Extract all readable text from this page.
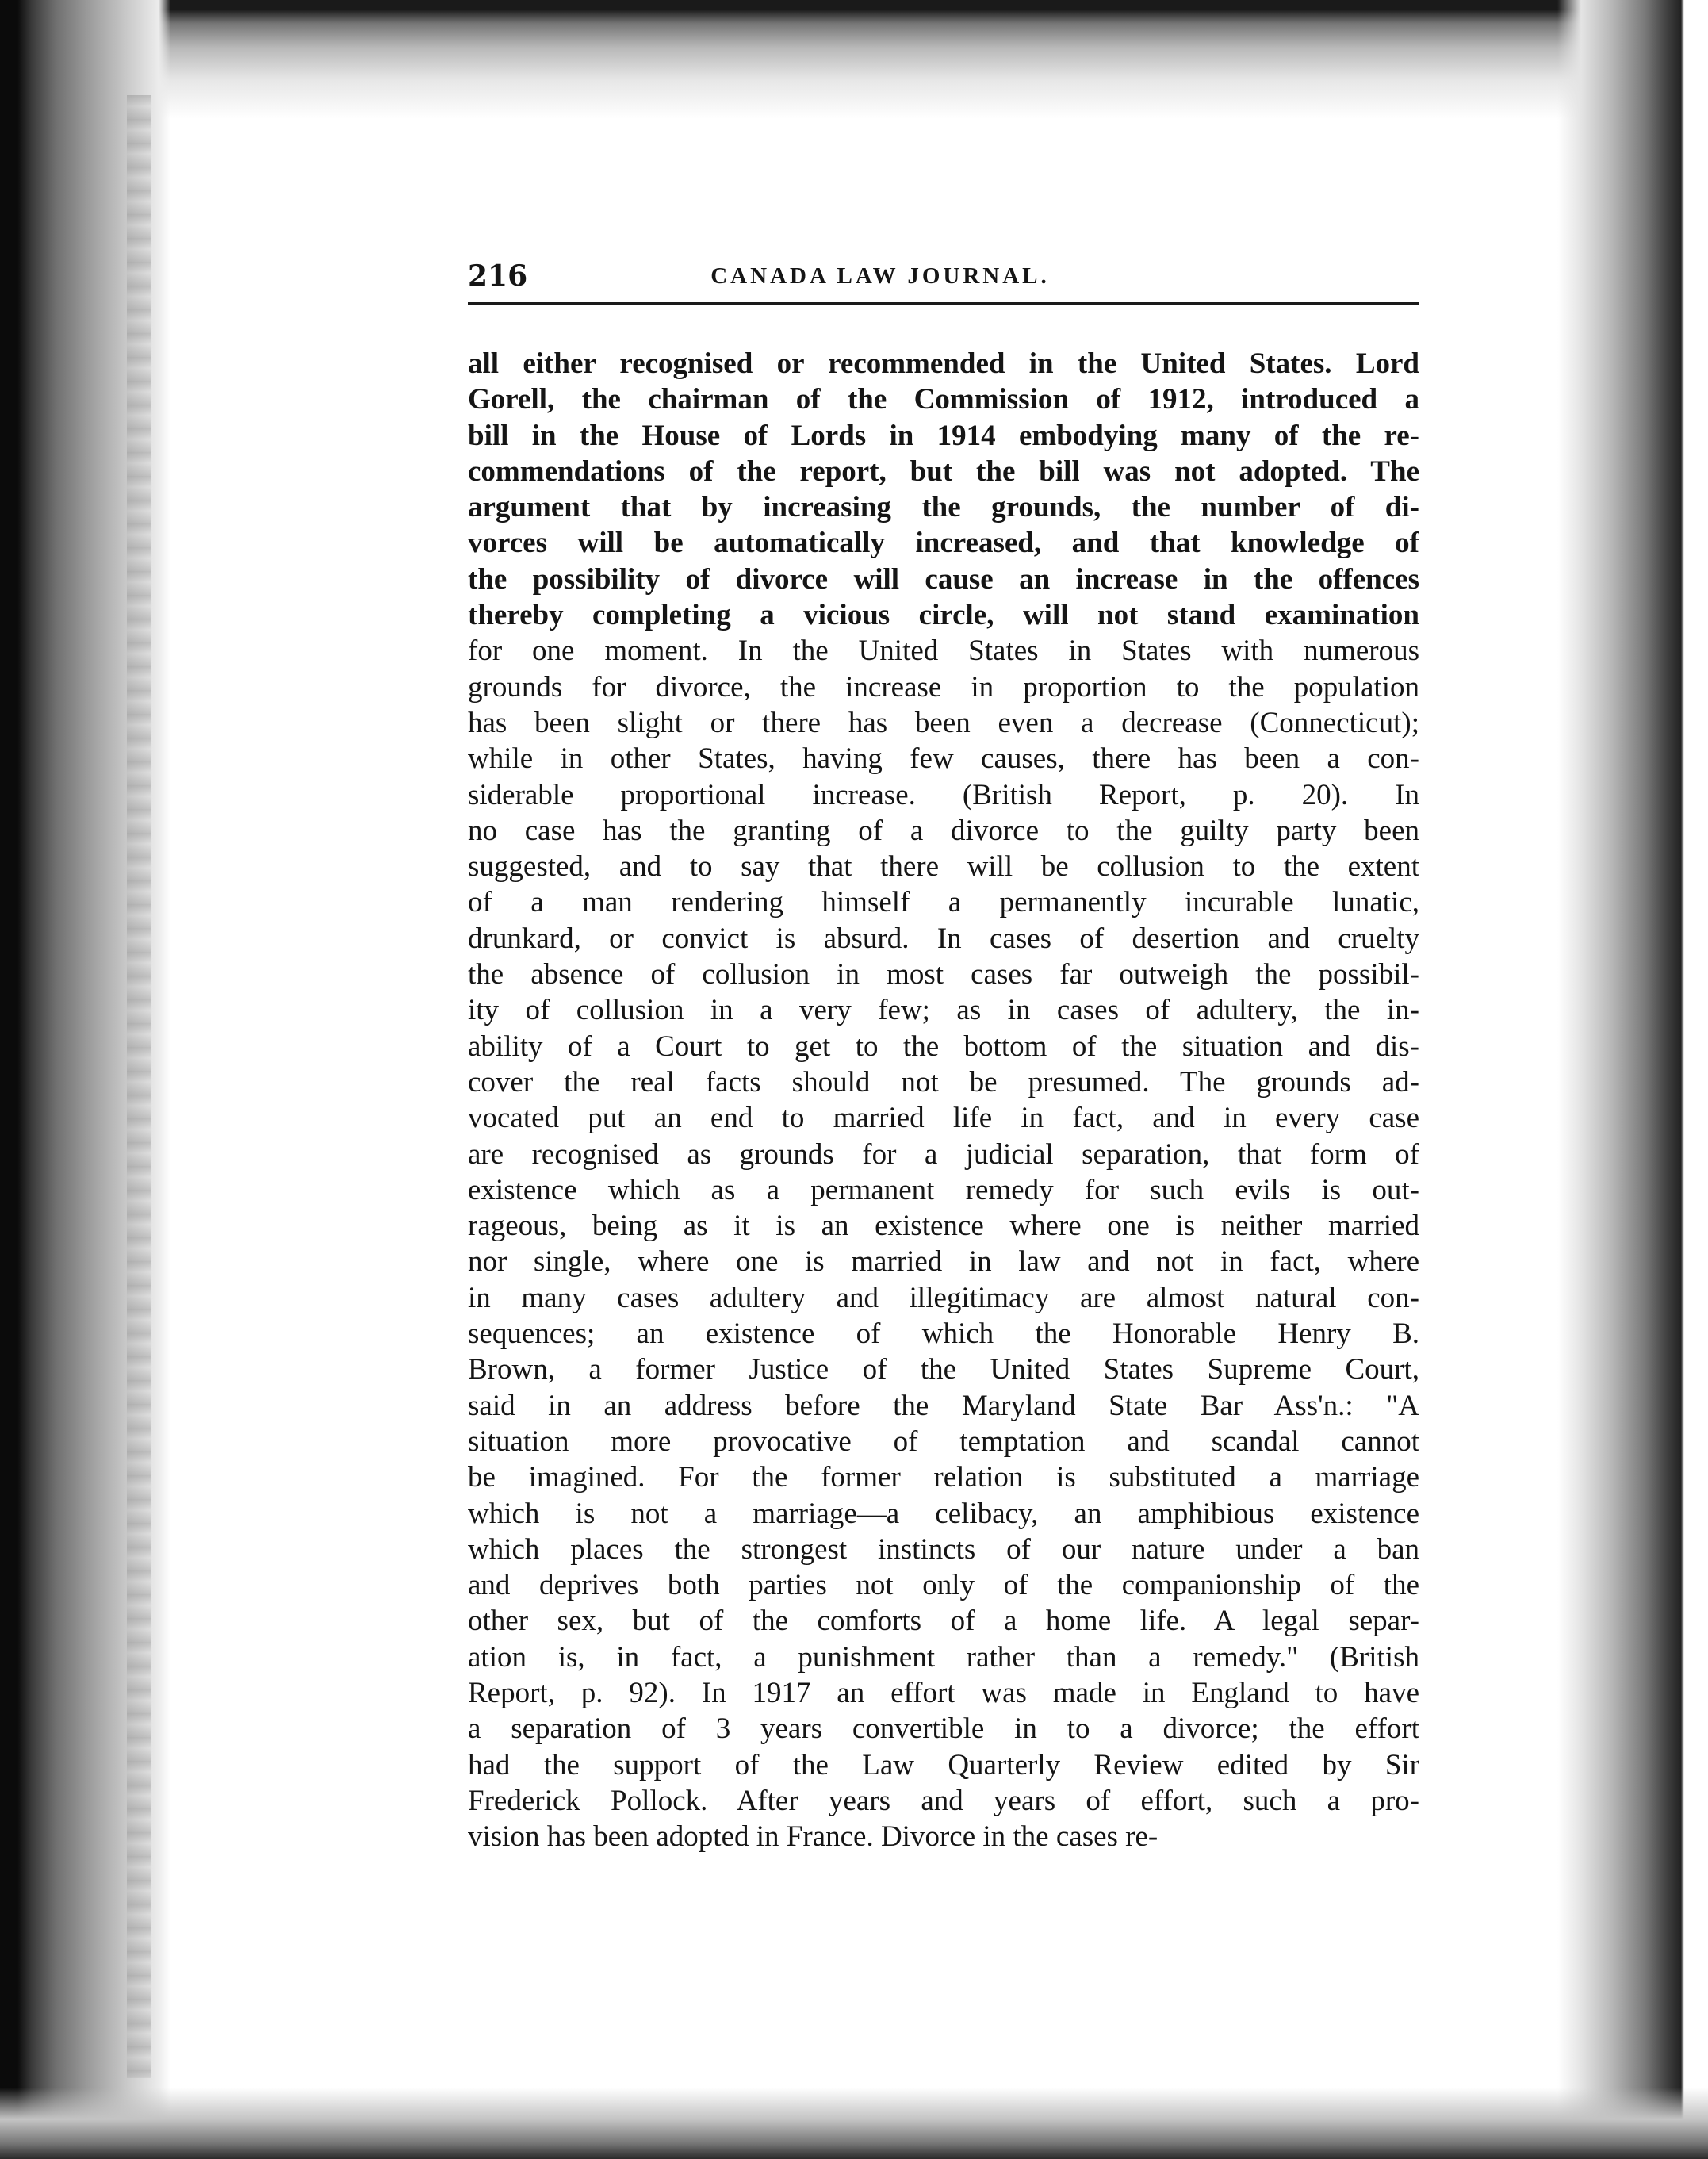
216	CANADA LAW JOURNAL.
all either recognised or recommended in the United States. Lord
Gorell, the chairman of the Commission of 1912, introduced a
bill in the House of Lords in 1914 embodying many of the re-
commendations of the report, but the bill was not adopted. The
argument that by increasing the grounds, the number of di-
vorces will be automatically increased, and that knowledge of
the possibility of divorce will cause an increase in the offences
thereby completing a vicious circle, will not stand examination
for one moment. In the United States in States with numerous
grounds for divorce, the increase in proportion to the population
has been slight or there has been even a decrease (Connecticut);
while in other States, having few causes, there has been a con-
siderable proportional increase. (British Report, p. 20). In
no case has the granting of a divorce to the guilty party been
suggested, and to say that there will be collusion to the extent
of a man rendering himself a permanently incurable lunatic,
drunkard, or convict is absurd. In cases of desertion and cruelty
the absence of collusion in most cases far outweigh the possibil-
ity of collusion in a very few; as in cases of adultery, the in-
ability of a Court to get to the bottom of the situation and dis-
cover the real facts should not be presumed. The grounds ad-
vocated put an end to married life in fact, and in every case
are recognised as grounds for a judicial separation, that form of
existence which as a permanent remedy for such evils is out-
rageous, being as it is an existence where one is neither married
nor single, where one is married in law and not in fact, where
in many cases adultery and illegitimacy are almost natural con-
sequences; an existence of which the Honorable Henry B.
Brown, a former Justice of the United States Supreme Court,
said in an address before the Maryland State Bar Ass'n.: "A
situation more provocative of temptation and scandal cannot
be imagined. For the former relation is substituted a marriage
which is not a marriage—a celibacy, an amphibious existence
which places the strongest instincts of our nature under a ban
and deprives both parties not only of the companionship of the
other sex, but of the comforts of a home life. A legal separ-
ation is, in fact, a punishment rather than a remedy." (British
Report, p. 92). In 1917 an effort was made in England to have
a separation of 3 years convertible in to a divorce; the effort
had the support of the Law Quarterly Review edited by Sir
Frederick Pollock. After years and years of effort, such a pro-
vision has been adopted in France. Divorce in the cases re-
